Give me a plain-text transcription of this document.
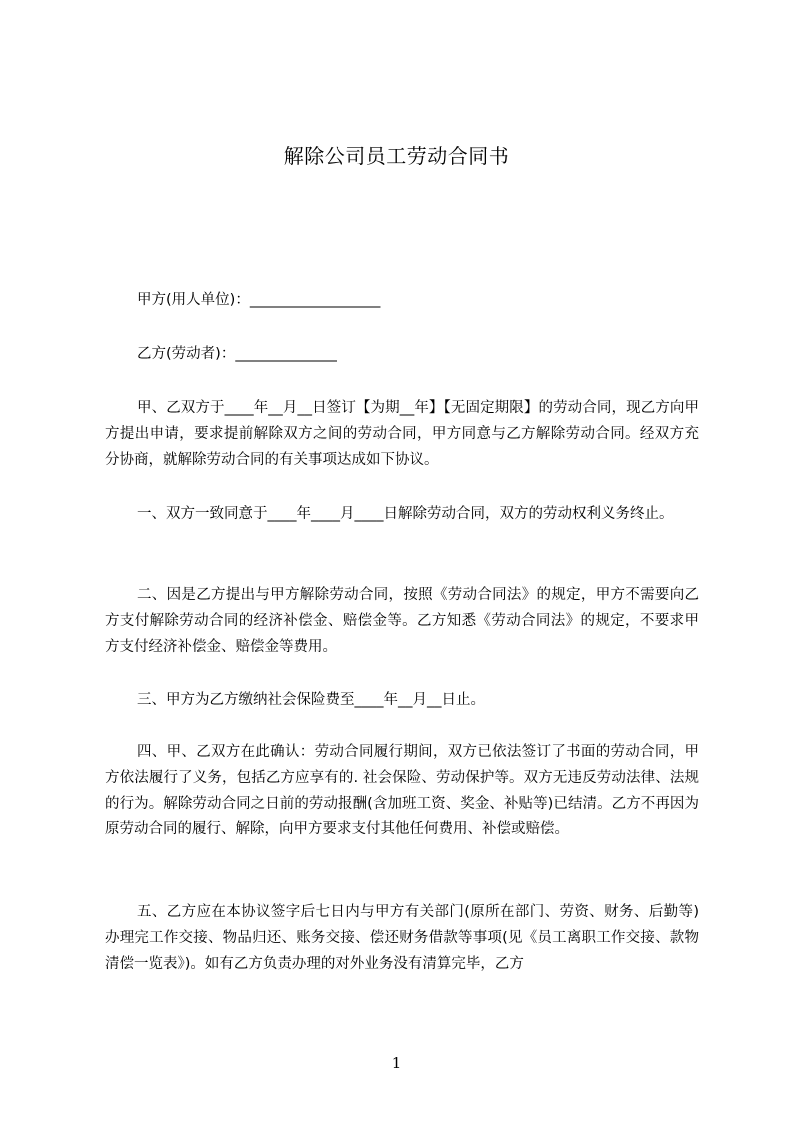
解除公司员工劳动合同书
甲方(用人单位)：__________________
乙方(劳动者)：______________
甲、乙双方于____年__月__日签订【为期__年】【无固定期限】的劳动合同，现乙方向甲方提出申请，要求提前解除双方之间的劳动合同，甲方同意与乙方解除劳动合同。经双方充分协商，就解除劳动合同的有关事项达成如下协议。
一、双方一致同意于____年____月____日解除劳动合同，双方的劳动权利义务终止。
二、因是乙方提出与甲方解除劳动合同，按照《劳动合同法》的规定，甲方不需要向乙方支付解除劳动合同的经济补偿金、赔偿金等。乙方知悉《劳动合同法》的规定，不要求甲方支付经济补偿金、赔偿金等费用。
三、甲方为乙方缴纳社会保险费至____年__月__日止。
四、甲、乙双方在此确认：劳动合同履行期间，双方已依法签订了书面的劳动合同，甲方依法履行了义务，包括乙方应享有的. 社会保险、劳动保护等。双方无违反劳动法律、法规的行为。解除劳动合同之日前的劳动报酬(含加班工资、奖金、补贴等)已结清。乙方不再因为原劳动合同的履行、解除，向甲方要求支付其他任何费用、补偿或赔偿。
五、乙方应在本协议签字后七日内与甲方有关部门(原所在部门、劳资、财务、后勤等)办理完工作交接、物品归还、账务交接、偿还财务借款等事项(见《员工离职工作交接、款物清偿一览表》)。如有乙方负责办理的对外业务没有清算完毕，乙方
1
